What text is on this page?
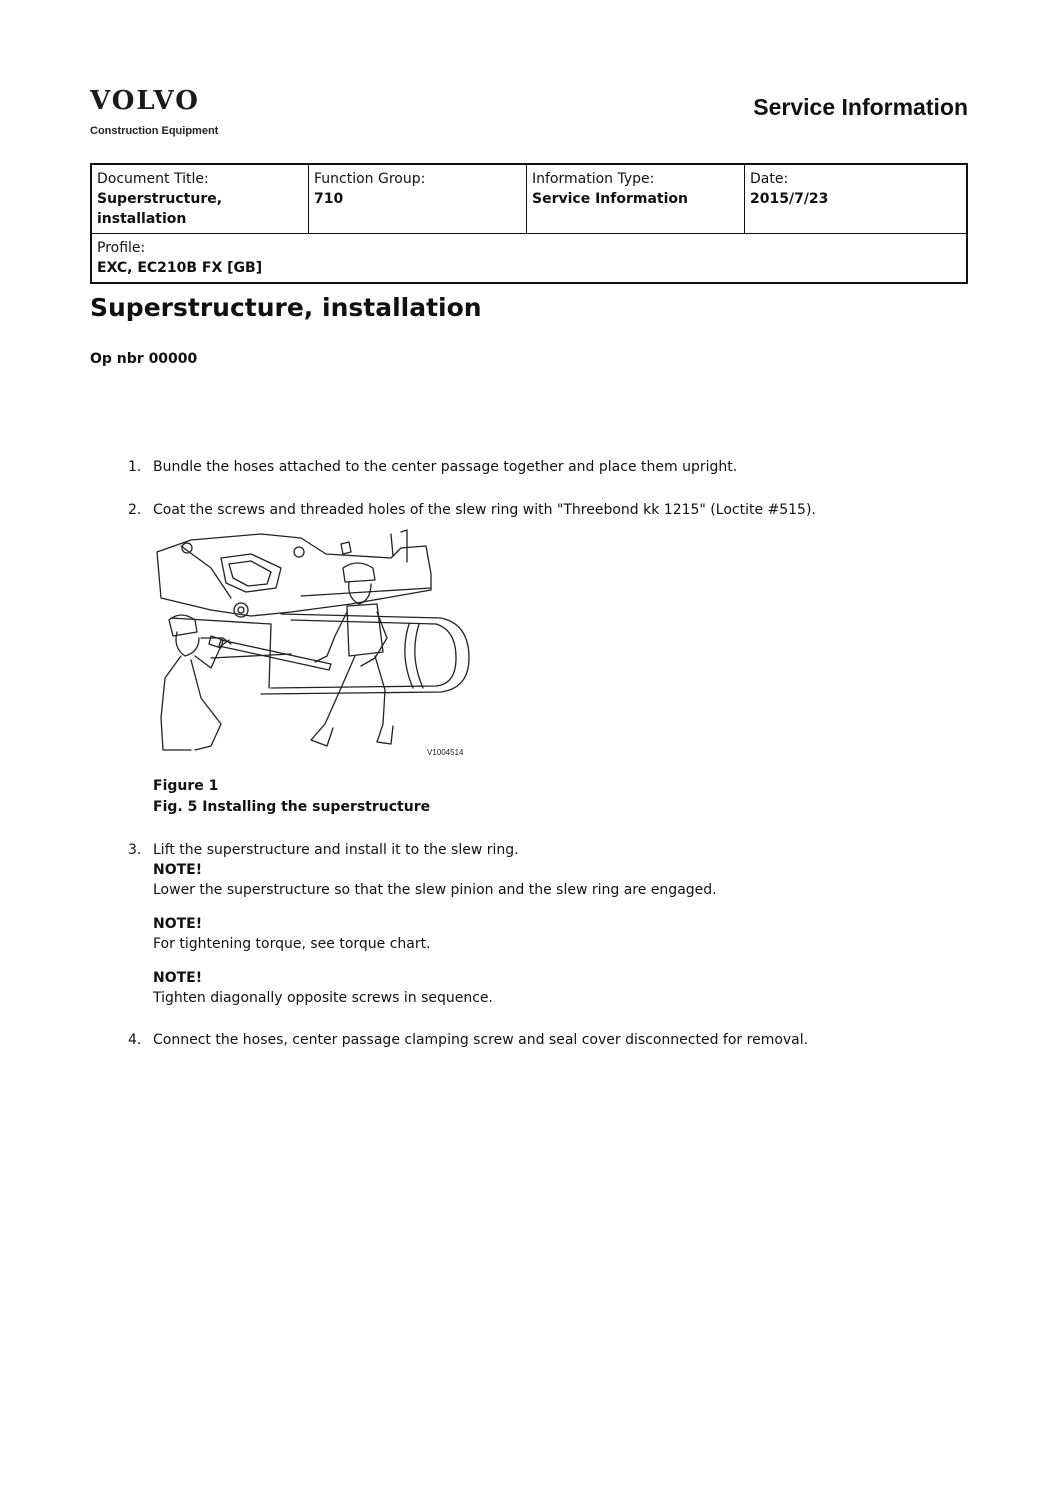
VOLVO
Construction Equipment
Service Information
Document Title:
Superstructure, installation

Function Group:
710

Information Type:
Service Information

Date:
2015/7/23

Profile:
EXC, EC210B FX [GB]
Superstructure, installation
Op nbr 00000
1. Bundle the hoses attached to the center passage together and place them upright.
2. Coat the screws and threaded holes of the slew ring with "Threebond kk 1215" (Loctite #515).
V1004514
Figure 1
Fig. 5 Installing the superstructure
3. Lift the superstructure and install it to the slew ring.
NOTE!
Lower the superstructure so that the slew pinion and the slew ring are engaged.
NOTE!
For tightening torque, see torque chart.
NOTE!
Tighten diagonally opposite screws in sequence.
4. Connect the hoses, center passage clamping screw and seal cover disconnected for removal.
